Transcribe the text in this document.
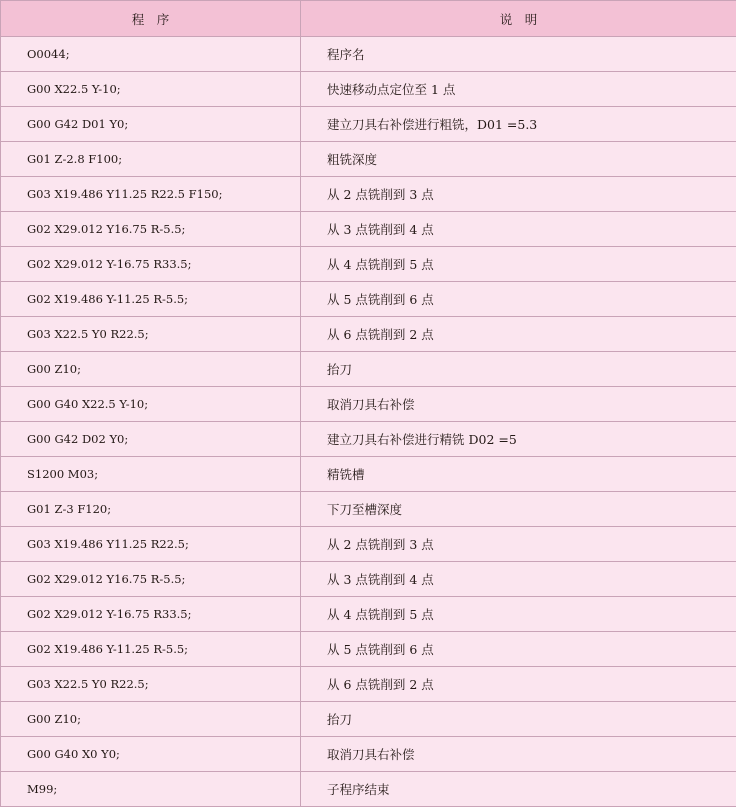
程　序	说　明
O0044;	程序名
G00 X22.5 Y-10;	快速移动点定位至 1 点
G00 G42 D01 Y0;	建立刀具右补偿进行粗铣，D01 =5.3
G01 Z-2.8 F100;	粗铣深度
G03 X19.486 Y11.25 R22.5 F150;	从 2 点铣削到 3 点
G02 X29.012 Y16.75 R-5.5;	从 3 点铣削到 4 点
G02 X29.012 Y-16.75 R33.5;	从 4 点铣削到 5 点
G02 X19.486 Y-11.25 R-5.5;	从 5 点铣削到 6 点
G03 X22.5 Y0 R22.5;	从 6 点铣削到 2 点
G00 Z10;	抬刀
G00 G40 X22.5 Y-10;	取消刀具右补偿
G00 G42 D02 Y0;	建立刀具右补偿进行精铣 D02 =5
S1200 M03;	精铣槽
G01 Z-3 F120;	下刀至槽深度
G03 X19.486 Y11.25 R22.5;	从 2 点铣削到 3 点
G02 X29.012 Y16.75 R-5.5;	从 3 点铣削到 4 点
G02 X29.012 Y-16.75 R33.5;	从 4 点铣削到 5 点
G02 X19.486 Y-11.25 R-5.5;	从 5 点铣削到 6 点
G03 X22.5 Y0 R22.5;	从 6 点铣削到 2 点
G00 Z10;	抬刀
G00 G40 X0 Y0;	取消刀具右补偿
M99;	子程序结束
